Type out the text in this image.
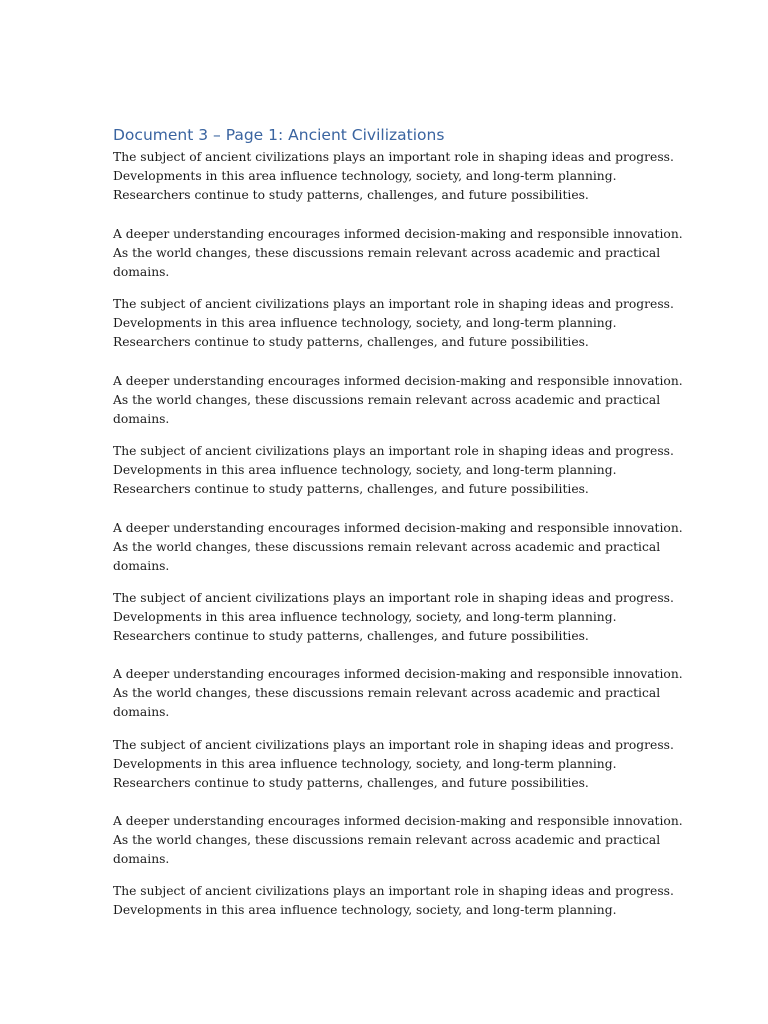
Document 3 – Page 1: Ancient Civilizations

The subject of ancient civilizations plays an important role in shaping ideas and progress.
Developments in this area influence technology, society, and long-term planning.
Researchers continue to study patterns, challenges, and future possibilities.

A deeper understanding encourages informed decision-making and responsible innovation.
As the world changes, these discussions remain relevant across academic and practical
domains.

The subject of ancient civilizations plays an important role in shaping ideas and progress.
Developments in this area influence technology, society, and long-term planning.
Researchers continue to study patterns, challenges, and future possibilities.

A deeper understanding encourages informed decision-making and responsible innovation.
As the world changes, these discussions remain relevant across academic and practical
domains.

The subject of ancient civilizations plays an important role in shaping ideas and progress.
Developments in this area influence technology, society, and long-term planning.
Researchers continue to study patterns, challenges, and future possibilities.

A deeper understanding encourages informed decision-making and responsible innovation.
As the world changes, these discussions remain relevant across academic and practical
domains.

The subject of ancient civilizations plays an important role in shaping ideas and progress.
Developments in this area influence technology, society, and long-term planning.
Researchers continue to study patterns, challenges, and future possibilities.

A deeper understanding encourages informed decision-making and responsible innovation.
As the world changes, these discussions remain relevant across academic and practical
domains.

The subject of ancient civilizations plays an important role in shaping ideas and progress.
Developments in this area influence technology, society, and long-term planning.
Researchers continue to study patterns, challenges, and future possibilities.

A deeper understanding encourages informed decision-making and responsible innovation.
As the world changes, these discussions remain relevant across academic and practical
domains.

The subject of ancient civilizations plays an important role in shaping ideas and progress.
Developments in this area influence technology, society, and long-term planning.
